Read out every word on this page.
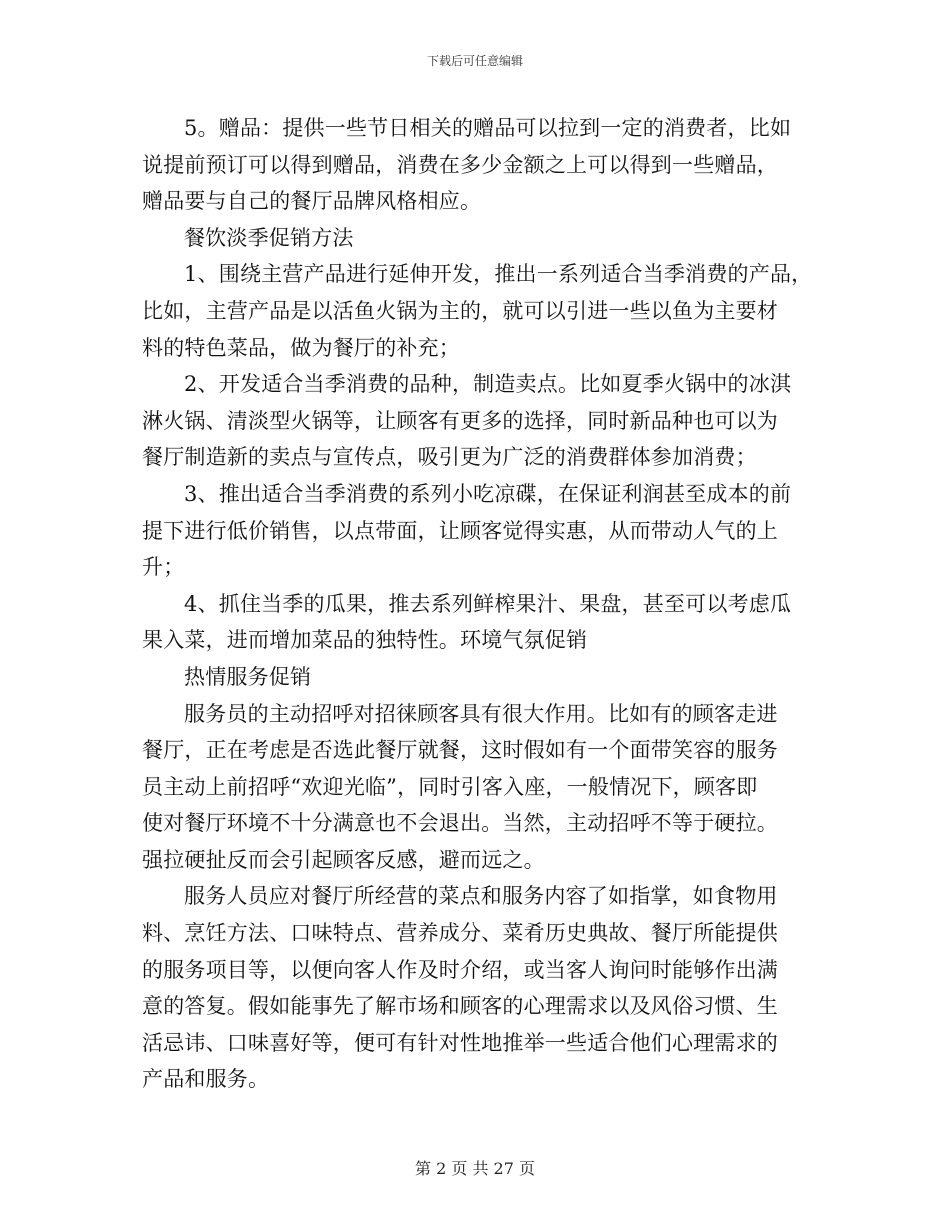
下载后可任意编辑

5。赠品：提供一些节日相关的赠品可以拉到一定的消费者，比如
说提前预订可以得到赠品，消费在多少金额之上可以得到一些赠品，
赠品要与自己的餐厅品牌风格相应。

餐饮淡季促销方法

1、围绕主营产品进行延伸开发，推出一系列适合当季消费的产品，
比如，主营产品是以活鱼火锅为主的，就可以引进一些以鱼为主要材
料的特色菜品，做为餐厅的补充；

2、开发适合当季消费的品种，制造卖点。比如夏季火锅中的冰淇
淋火锅、清淡型火锅等，让顾客有更多的选择，同时新品种也可以为
餐厅制造新的卖点与宣传点，吸引更为广泛的消费群体参加消费；

3、推出适合当季消费的系列小吃凉碟，在保证利润甚至成本的前
提下进行低价销售，以点带面，让顾客觉得实惠，从而带动人气的上
升；

4、抓住当季的瓜果，推去系列鲜榨果汁、果盘，甚至可以考虑瓜
果入菜，进而增加菜品的独特性。环境气氛促销

热情服务促销

服务员的主动招呼对招徕顾客具有很大作用。比如有的顾客走进
餐厅，正在考虑是否选此餐厅就餐，这时假如有一个面带笑容的服务
员主动上前招呼“欢迎光临”，同时引客入座，一般情况下，顾客即
使对餐厅环境不十分满意也不会退出。当然，主动招呼不等于硬拉。
强拉硬扯反而会引起顾客反感，避而远之。

服务人员应对餐厅所经营的菜点和服务内容了如指掌，如食物用
料、烹饪方法、口味特点、营养成分、菜肴历史典故、餐厅所能提供
的服务项目等，以便向客人作及时介绍，或当客人询问时能够作出满
意的答复。假如能事先了解市场和顾客的心理需求以及风俗习惯、生
活忌讳、口味喜好等，便可有针对性地推举一些适合他们心理需求的
产品和服务。

第 2 页 共 27 页
